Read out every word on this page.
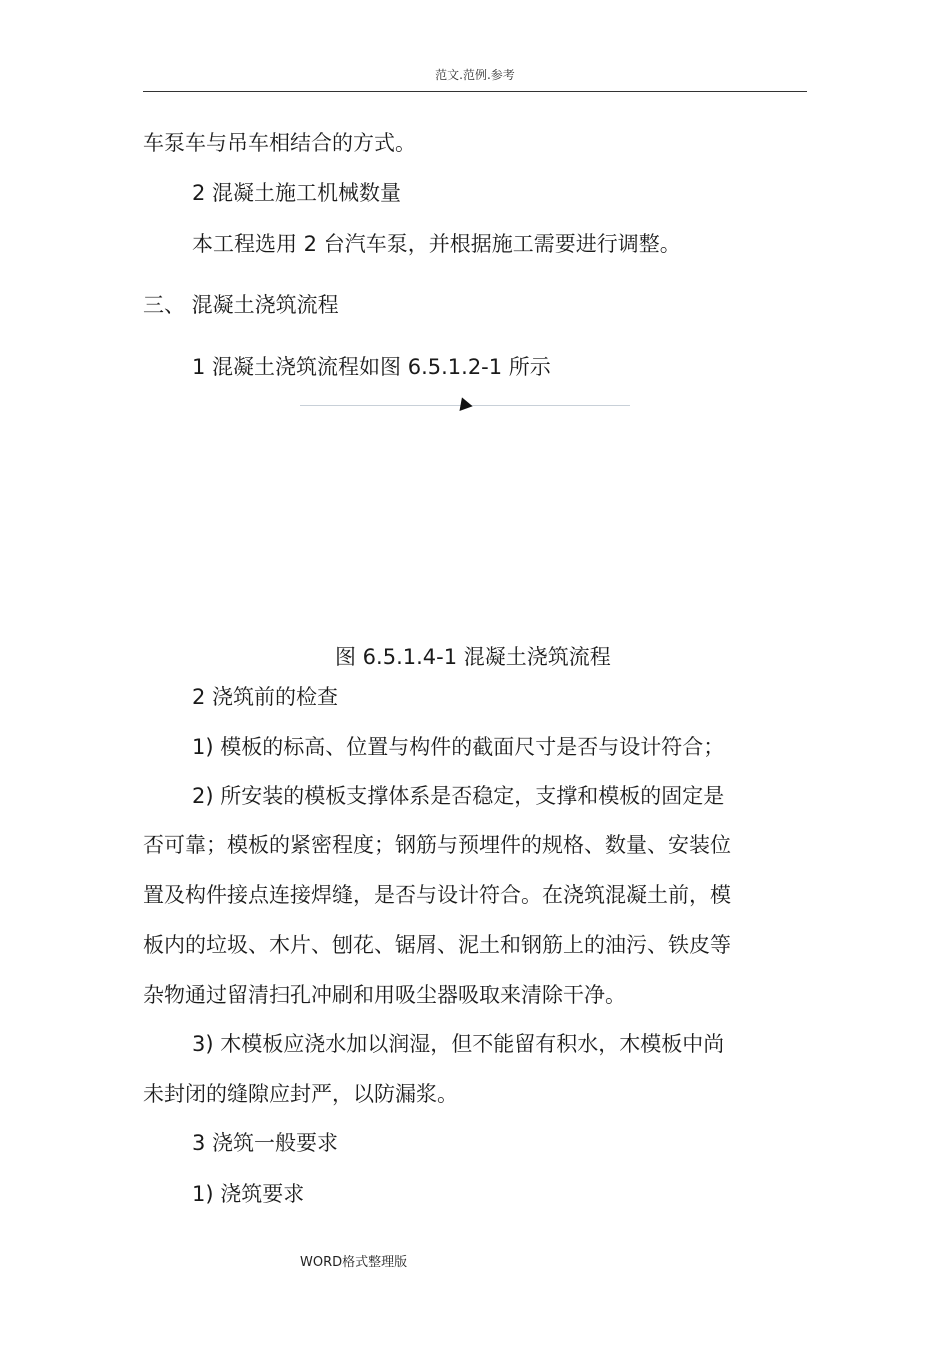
范文.范例.参考
车泵车与吊车相结合的方式。
2 混凝土施工机械数量
本工程选用 2 台汽车泵，并根据施工需要进行调整。
三、 混凝土浇筑流程
1 混凝土浇筑流程如图 6.5.1.2-1 所示
图 6.5.1.4-1 混凝土浇筑流程
2 浇筑前的检查
1) 模板的标高、位置与构件的截面尺寸是否与设计符合；
2) 所安装的模板支撑体系是否稳定，支撑和模板的固定是
否可靠；模板的紧密程度；钢筋与预埋件的规格、数量、安装位
置及构件接点连接焊缝，是否与设计符合。在浇筑混凝土前，模
板内的垃圾、木片、刨花、锯屑、泥土和钢筋上的油污、铁皮等
杂物通过留清扫孔冲刷和用吸尘器吸取来清除干净。
3) 木模板应浇水加以润湿，但不能留有积水，木模板中尚
未封闭的缝隙应封严，以防漏浆。
3 浇筑一般要求
1) 浇筑要求
WORD格式整理版
